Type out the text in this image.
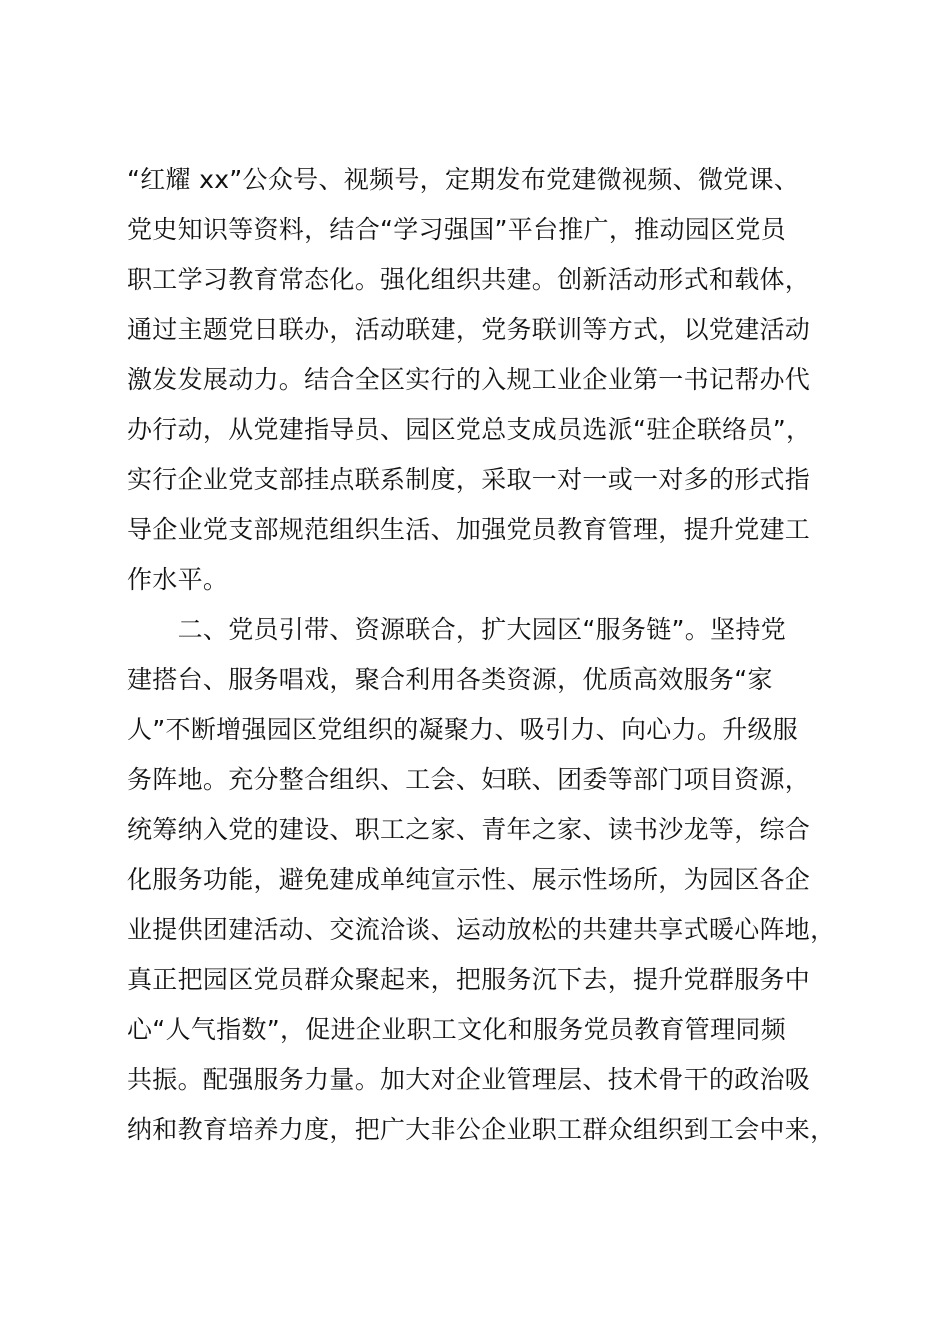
“红耀 xx”公众号、视频号，定期发布党建微视频、微党课、
党史知识等资料，结合“学习强国”平台推广，推动园区党员
职工学习教育常态化。强化组织共建。创新活动形式和载体，
通过主题党日联办，活动联建，党务联训等方式，以党建活动
激发发展动力。结合全区实行的入规工业企业第一书记帮办代
办行动，从党建指导员、园区党总支成员选派“驻企联络员”，
实行企业党支部挂点联系制度，采取一对一或一对多的形式指
导企业党支部规范组织生活、加强党员教育管理，提升党建工
作水平。
　　二、党员引带、资源联合，扩大园区“服务链”。坚持党
建搭台、服务唱戏，聚合利用各类资源，优质高效服务“家
人”不断增强园区党组织的凝聚力、吸引力、向心力。升级服
务阵地。充分整合组织、工会、妇联、团委等部门项目资源，
统筹纳入党的建设、职工之家、青年之家、读书沙龙等，综合
化服务功能，避免建成单纯宣示性、展示性场所，为园区各企
业提供团建活动、交流洽谈、运动放松的共建共享式暖心阵地，
真正把园区党员群众聚起来，把服务沉下去，提升党群服务中
心“人气指数”，促进企业职工文化和服务党员教育管理同频
共振。配强服务力量。加大对企业管理层、技术骨干的政治吸
纳和教育培养力度，把广大非公企业职工群众组织到工会中来，
